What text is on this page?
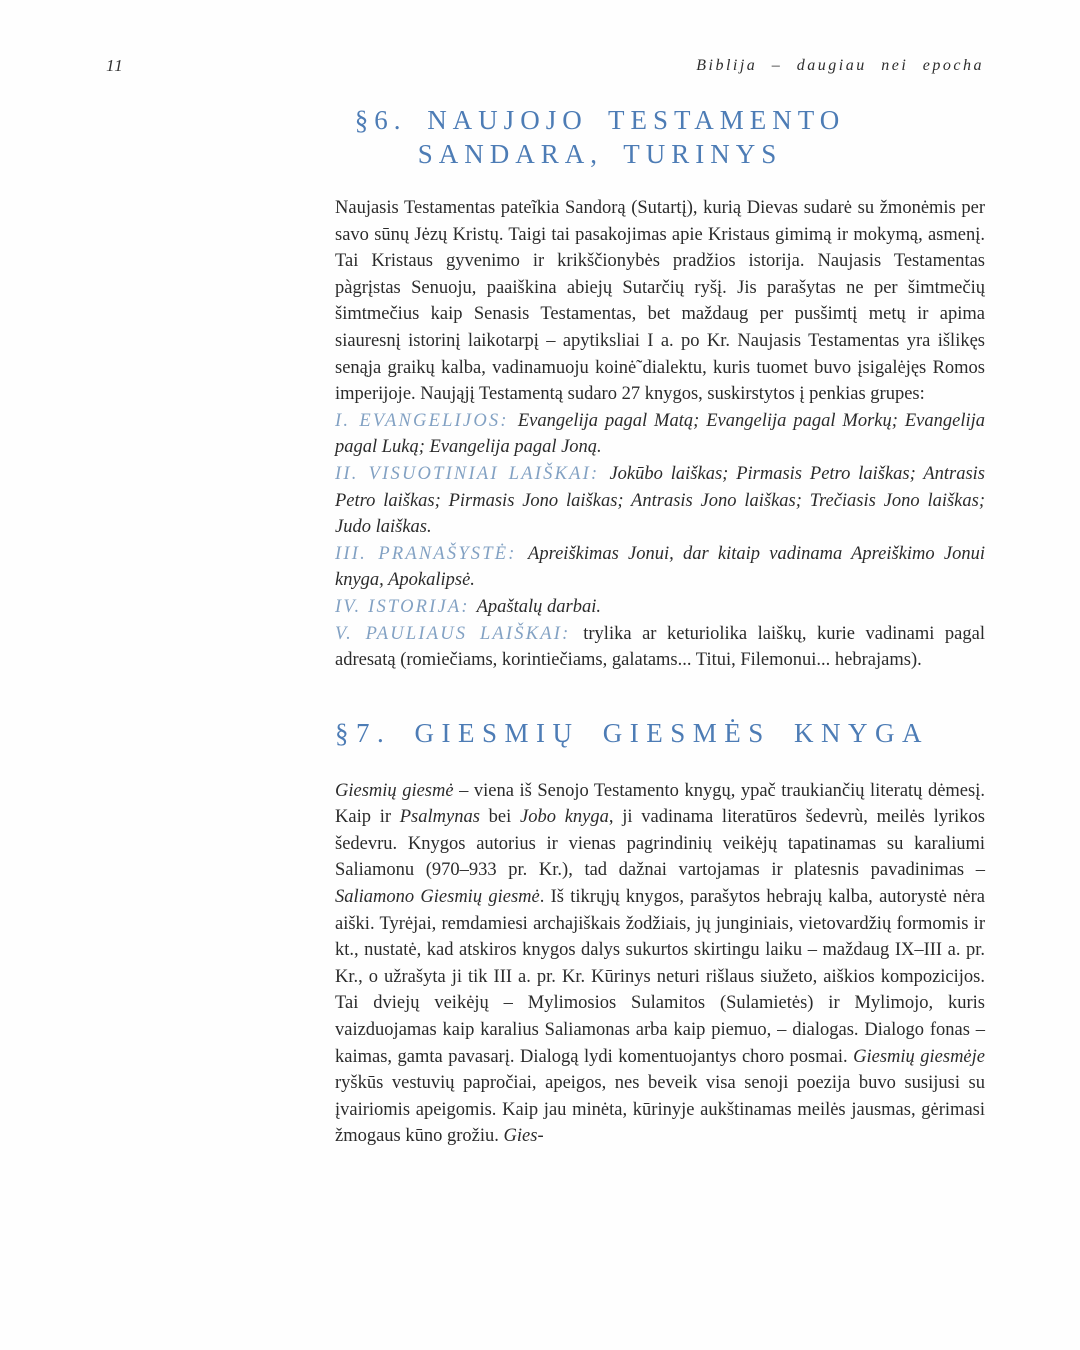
11	Biblija – daugiau nei epocha
§6. NAUJOJO TESTAMENTO
SANDARA, TURINYS

Naujasis Testamentas pateĩkia Sandorą (Sutartį), kurią Dievas sudarė su žmonėmis per savo sūnų Jėzų Kristų. Taigi tai pasakojimas apie Kristaus gimimą ir mokymą, asmenį. Tai Kristaus gyvenimo ir krikščionybės pradžios istorija. Naujasis Testamentas pàgrįstas Senuoju, paaiškina abiejų Sutarčių ryšį. Jis parašytas ne per šimtmečių šimtmečius kaip Senasis Testamentas, bet maždaug per pusšimtį metų ir apima siauresnį istorinį laikotarpį – apytiksliai I a. po Kr. Naujasis Testamentas yra išlikęs senąja graikų kalba, vadinamuoju koinė̃ dialektu, kuris tuomet buvo įsigalėjęs Romos imperijoje. Naująjį Testamentą sudaro 27 knygos, suskirstytos į penkias grupes:

I. EVANGELIJOS: Evangelija pagal Matą; Evangelija pagal Morkų; Evangelija pagal Luką; Evangelija pagal Joną.

II. VISUOTINIAI LAIŠKAI: Jokūbo laiškas; Pirmasis Petro laiškas; Antrasis Petro laiškas; Pirmasis Jono laiškas; Antrasis Jono laiškas; Trečiasis Jono laiškas; Judo laiškas.

III. PRANAŠYSTĖ: Apreiškimas Jonui, dar kitaip vadinama Apreiškimo Jonui knyga, Apokalipsė.

IV. ISTORIJA: Apaštalų darbai.

V. PAULIAUS LAIŠKAI: trylika ar keturiolika laiškų, kurie vadinami pagal adresatą (romiečiams, korintiečiams, galatams... Titui, Filemonui... hebrajams).

§7. GIESMIŲ GIESMĖS KNYGA

Giesmių giesmė – viena iš Senojo Testamento knygų, ypač traukiančių literatų dėmesį. Kaip ir Psalmynas bei Jobo knyga, ji vadinama literatūros šedevrù, meilės lyrikos šedevru. Knygos autorius ir vienas pagrindinių veikėjų tapatinamas su karaliumi Saliamonu (970–933 pr. Kr.), tad dažnai vartojamas ir platesnis pavadinimas – Saliamono Giesmių giesmė. Iš tikrųjų knygos, parašytos hebrajų kalba, autorystė nėra aiški. Tyrėjai, remdamiesi archajiškais žodžiais, jų junginiais, vietovardžių formomis ir kt., nustatė, kad atskiros knygos dalys sukurtos skirtingu laiku – maždaug IX–III a. pr. Kr., o užrašyta ji tik III a. pr. Kr. Kūrinys neturi rišlaus siužeto, aiškios kompozicijos. Tai dviejų veikėjų – Mylimosios Sulamitos (Sulamietės) ir Mylimojo, kuris vaizduojamas kaip karalius Saliamonas arba kaip piemuo, – dialogas. Dialogo fonas – kaimas, gamta pavasarį. Dialogą lydi komentuojantys choro posmai. Giesmių giesmėje ryškūs vestuvių papročiai, apeigos, nes beveik visa senoji poezija buvo susijusi su įvairiomis apeigomis. Kaip jau minėta, kūrinyje aukštinamas meilės jausmas, gėrimasi žmogaus kūno grožiu. Gies-
